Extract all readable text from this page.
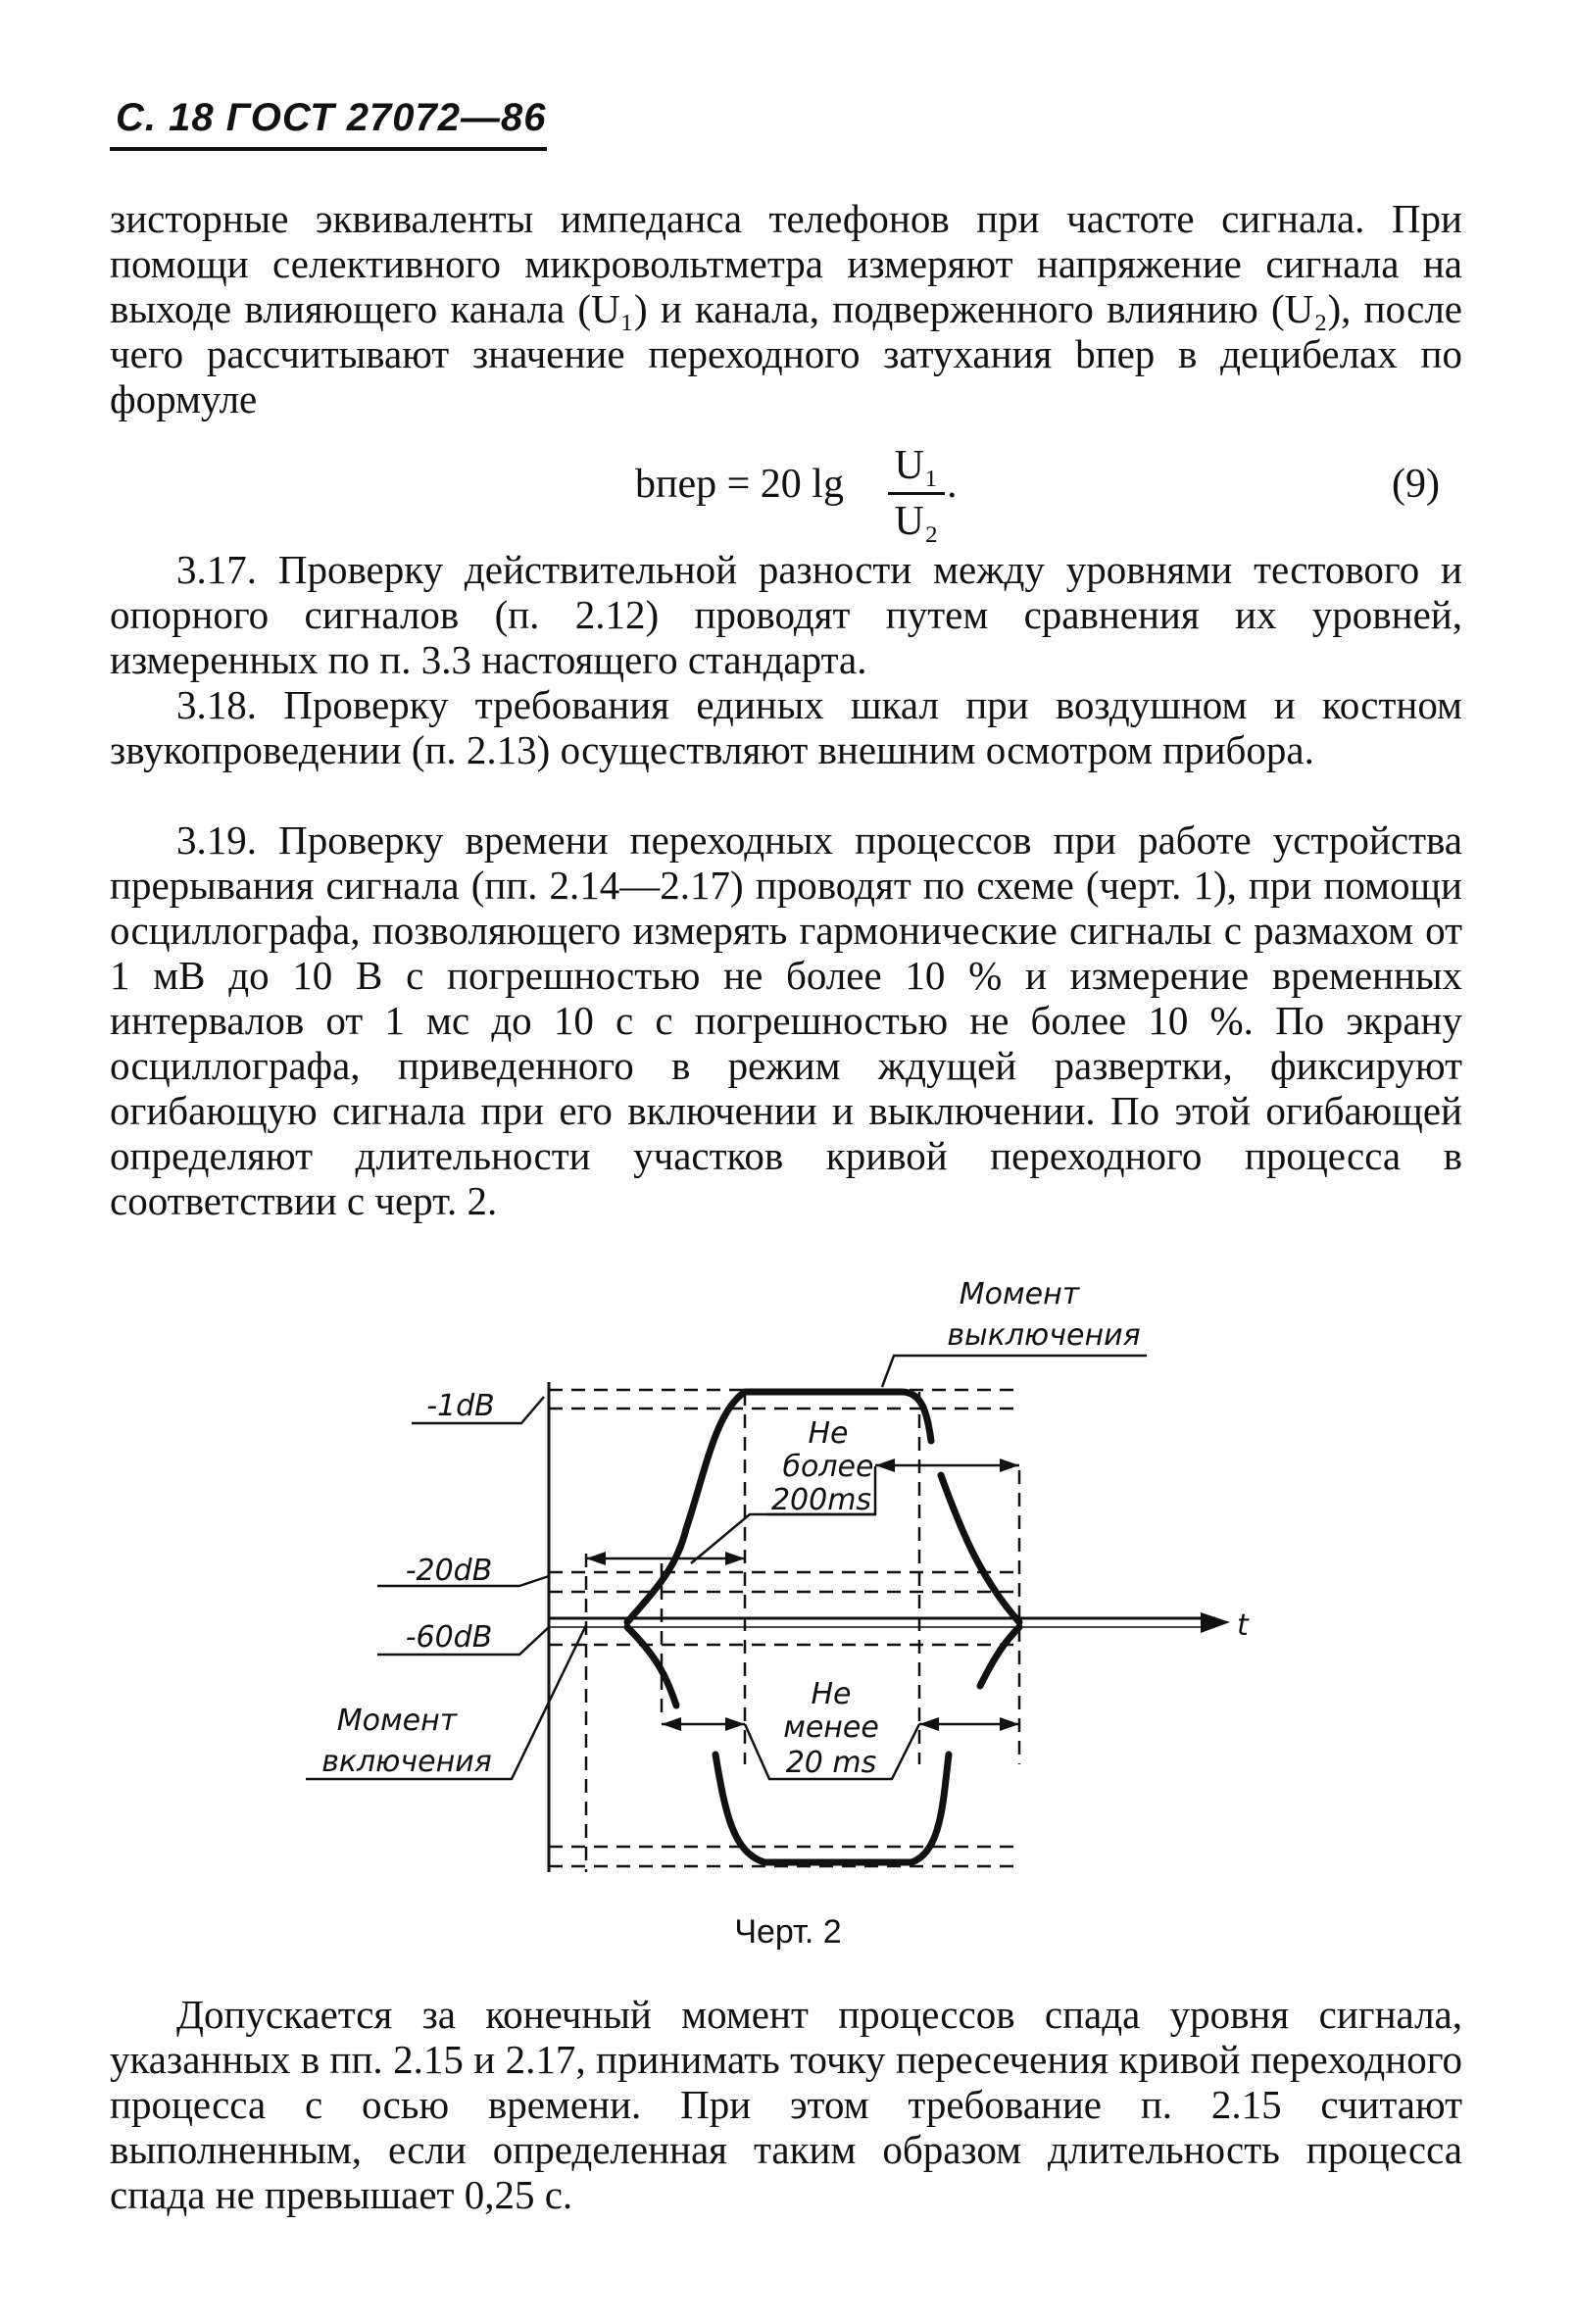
С. 18 ГОСТ 27072—86

зисторные эквиваленты импеданса телефонов при частоте сигнала. При помощи селективного микровольтметра измеряют напряжение сигнала на выходе влияющего канала (U₁) и канала, подверженного влиянию (U₂), после чего рассчитывают значение переходного затухания bпер в децибелах по формуле

bпер = 20 lg U₁
U₂
.	(9)

3.17. Проверку действительной разности между уровнями тестового и опорного сигналов (п. 2.12) проводят путем сравнения их уровней, измеренных по п. 3.3 настоящего стандарта.

3.18. Проверку требования единых шкал при воздушном и костном звукопроведении (п. 2.13) осуществляют внешним осмотром прибора.

3.19. Проверку времени переходных процессов при работе устройства прерывания сигнала (пп. 2.14—2.17) проводят по схеме (черт. 1), при помощи осциллографа, позволяющего измерять гармонические сигналы с размахом от 1 мВ до 10 В с погрешностью не более 10 % и измерение временных интервалов от 1 мс до 10 с с погрешностью не более 10 %. По экрану осциллографа, приведенного в режим ждущей развертки, фиксируют огибающую сигнала при его включении и выключении. По этой огибающей определяют длительности участков кривой переходного процесса в соответствии с черт. 2.

Момент
выключения
-1dB
-20dB
-60dB	t
Момент
включения
Не
более
200ms
Не
менее
20 ms
Черт. 2

Допускается за конечный момент процессов спада уровня сигнала, указанных в пп. 2.15 и 2.17, принимать точку пересечения кривой переходного процесса с осью времени. При этом требование п. 2.15 считают выполненным, если определенная таким образом длительность процесса спада не превышает 0,25 с.
